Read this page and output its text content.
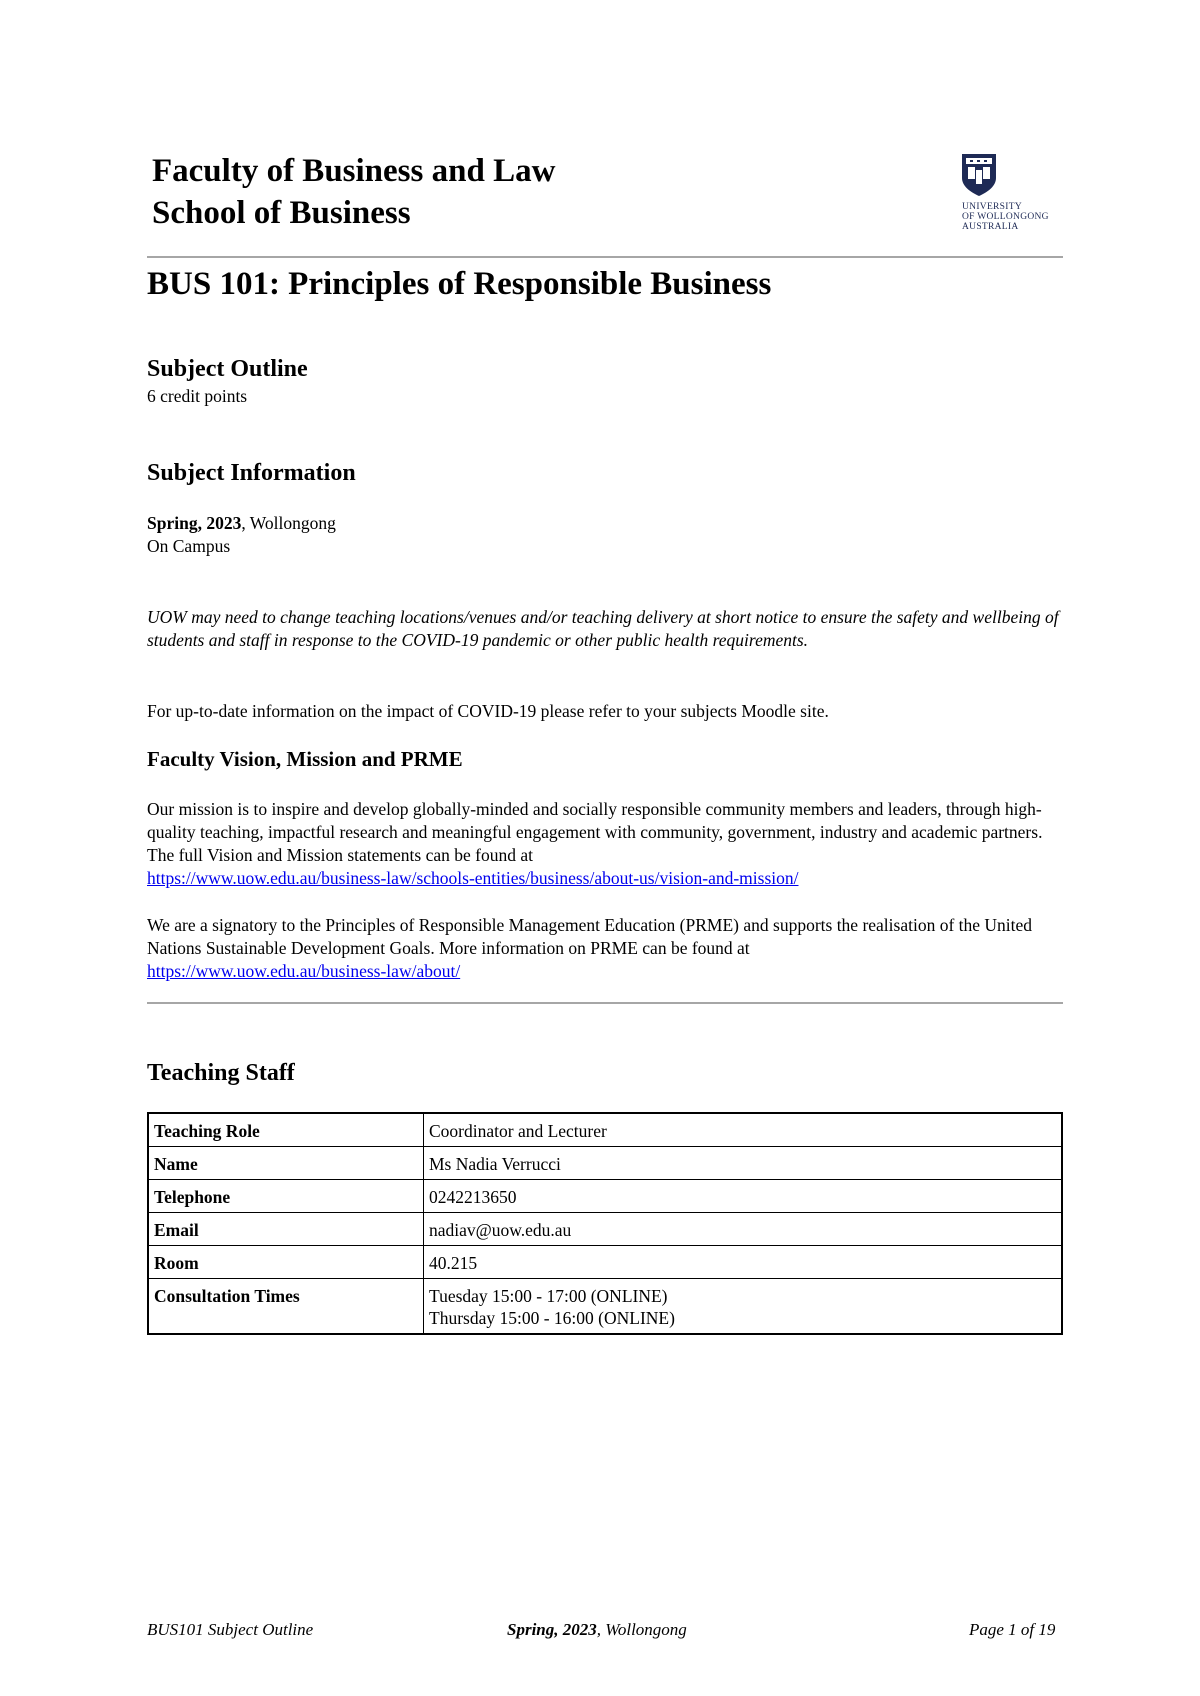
Faculty of Business and Law
School of Business	UNIVERSITY
OF WOLLONGONG
AUSTRALIA
BUS 101: Principles of Responsible Business
Subject Outline
6 credit points
Subject Information
Spring, 2023, Wollongong
On Campus
UOW may need to change teaching locations/venues and/or teaching delivery at short notice to ensure the safety and wellbeing of students and staff in response to the COVID-19 pandemic or other public health requirements.
For up-to-date information on the impact of COVID-19 please refer to your subjects Moodle site.
Faculty Vision, Mission and PRME
Our mission is to inspire and develop globally-minded and socially responsible community members and leaders, through high-quality teaching, impactful research and meaningful engagement with community, government, industry and academic partners. The full Vision and Mission statements can be found at
https://www.uow.edu.au/business-law/schools-entities/business/about-us/vision-and-mission/
We are a signatory to the Principles of Responsible Management Education (PRME) and supports the realisation of the United Nations Sustainable Development Goals. More information on PRME can be found at
https://www.uow.edu.au/business-law/about/
Teaching Staff
Teaching Role	Coordinator and Lecturer
Name	Ms Nadia Verrucci
Telephone	0242213650
Email	nadiav@uow.edu.au
Room	40.215
Consultation Times	Tuesday 15:00 - 17:00 (ONLINE)
Thursday 15:00 - 16:00 (ONLINE)
BUS101 Subject Outline	Spring, 2023, Wollongong	Page 1 of 19
